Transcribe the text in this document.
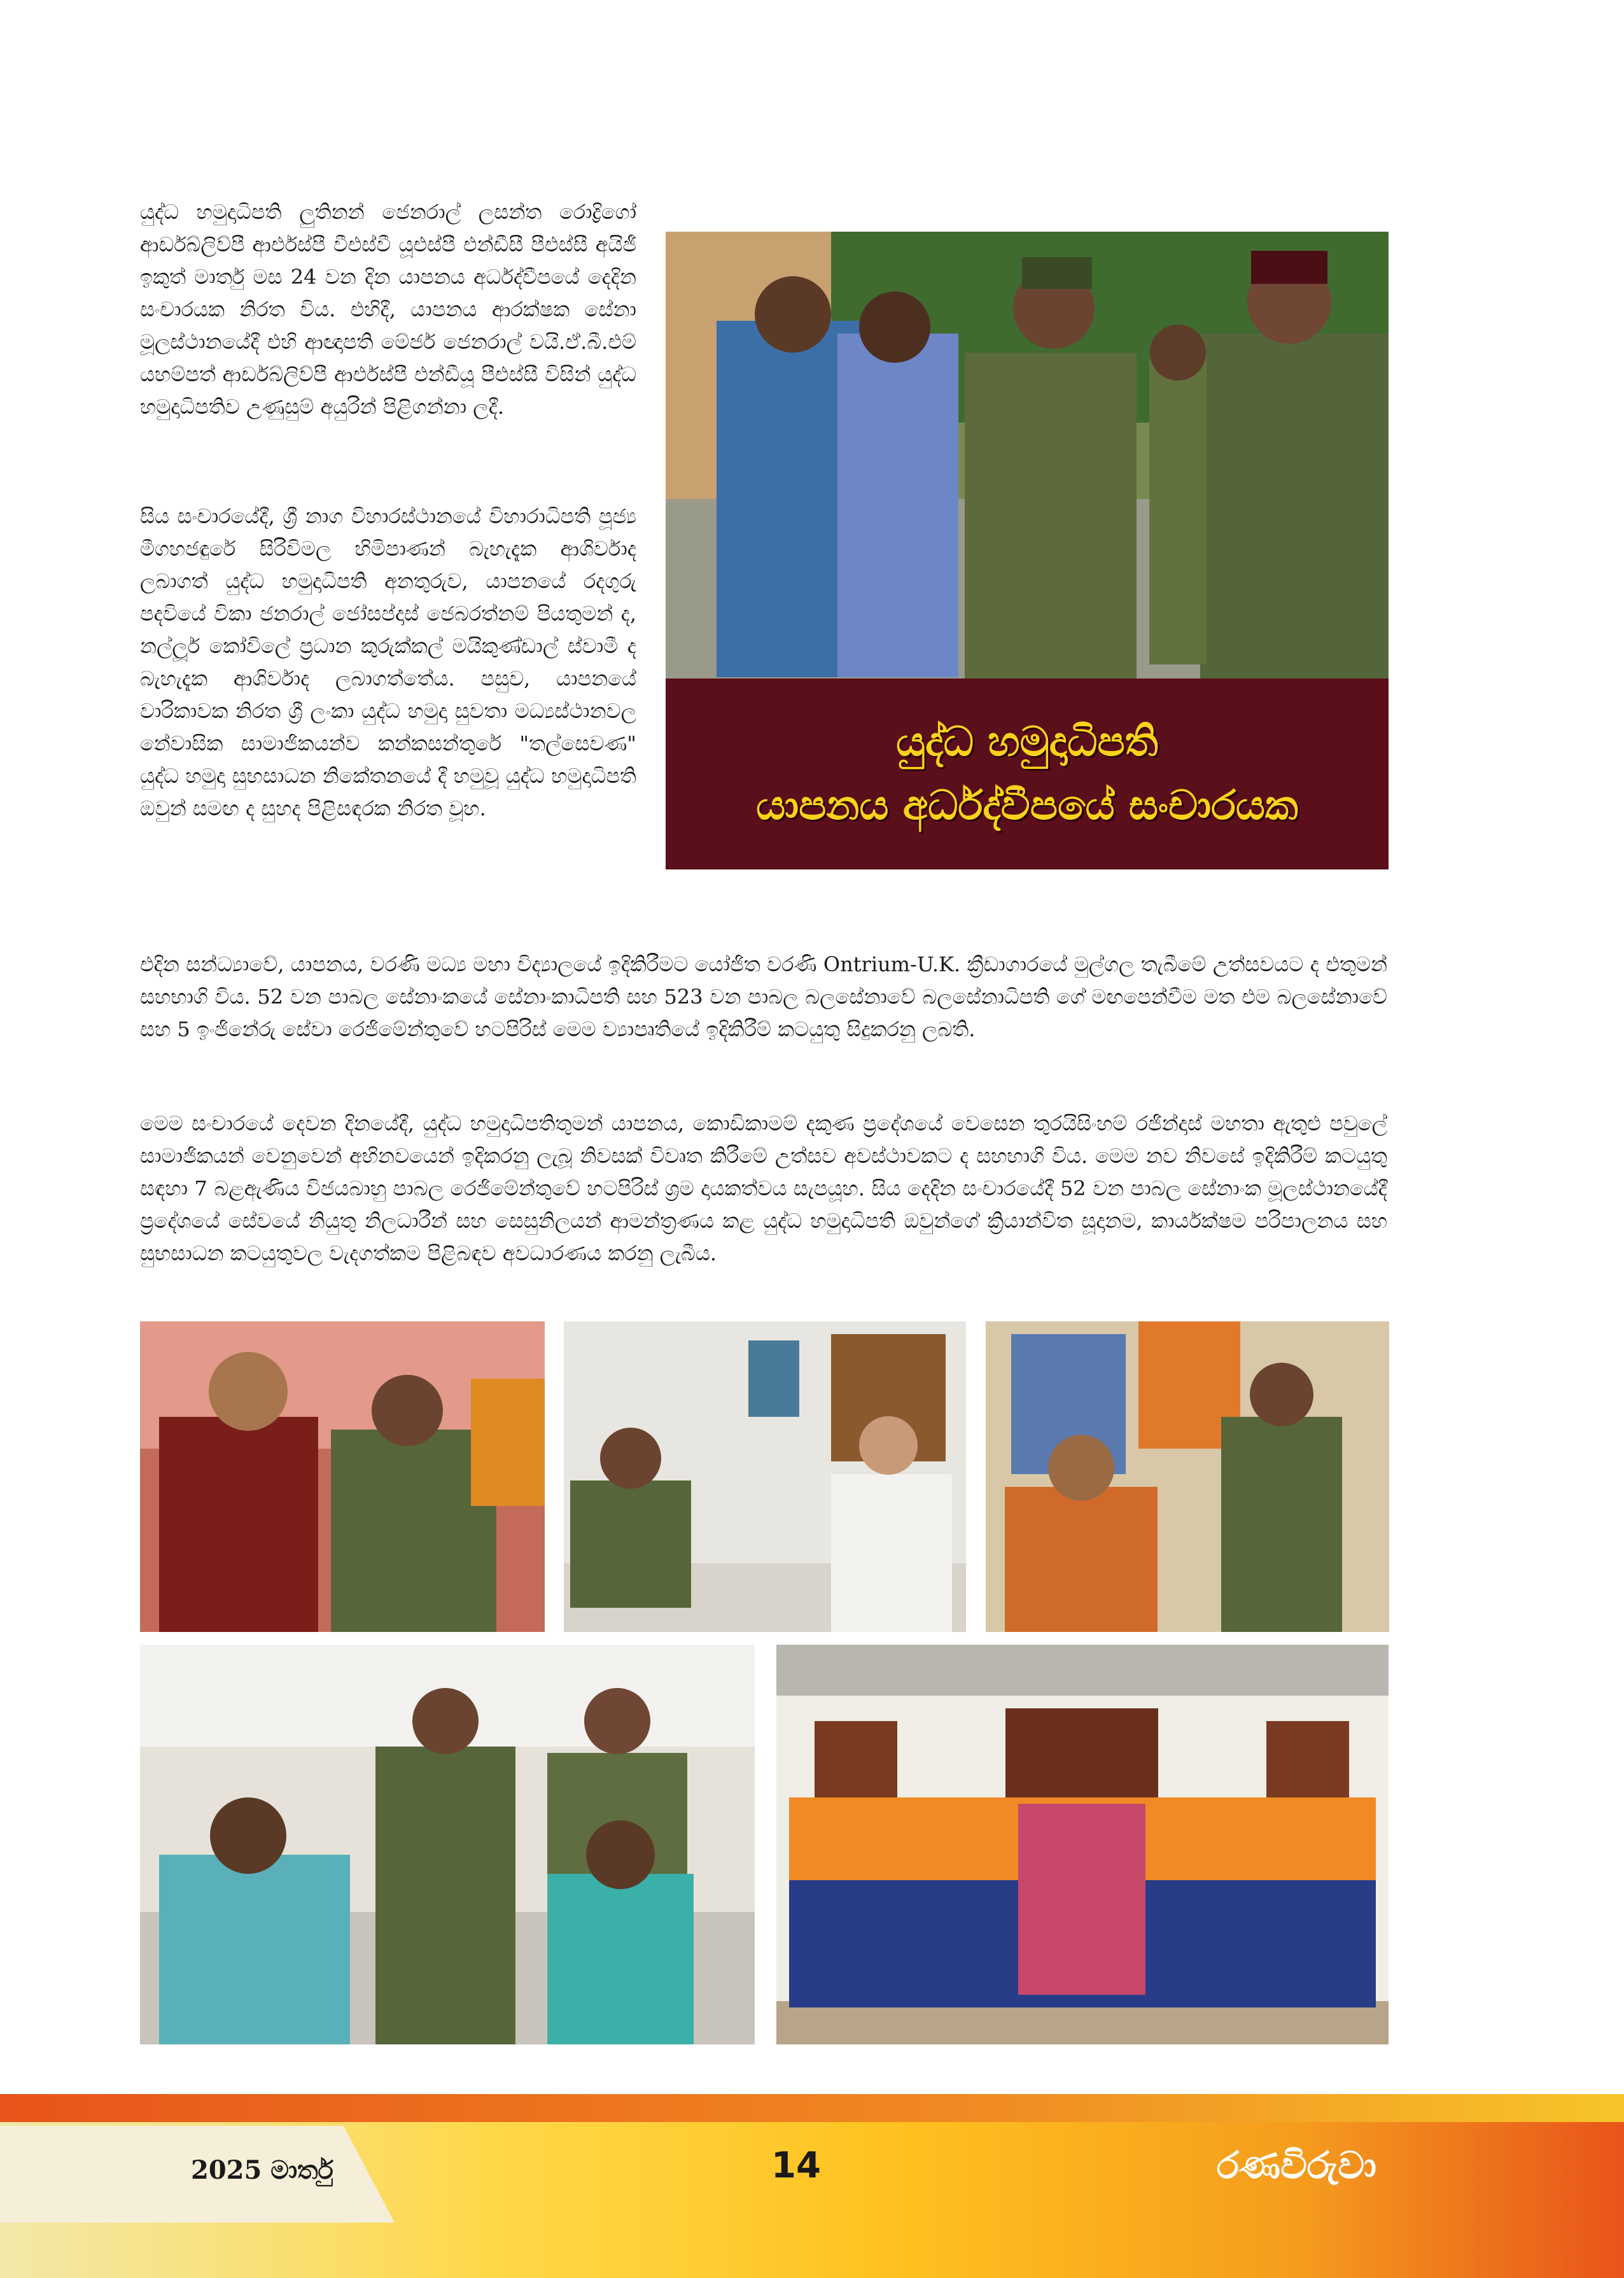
යුද්ධ හමුදාධිපති ලුතිනන් ජෙනරාල් ලසන්ත රොද්‍රිගෝ ආර්ඩබ්ලිව්පී ආර්එස්පී වීඑස්වී යූඑස්පී එන්ඩීසී පීඑස්සී අයිජී ඉකුත් මාර්තු මස 24 වන දින යාපනය අර්ධද්වීපයේ දෙදින සංචාරයක නිරත විය. එහිදී, යාපනය ආරක්ෂක සේනා මූලස්ථානයේදී එහි ආඥාපති මේජර් ජෙනරාල් වයි.ඒ.බී.එම් යහම්පත් ආර්ඩබ්ලිව්පී ආර්එස්පී එන්ඩීයූ පීඑස්සී විසින් යුද්ධ හමුදාධිපතිව උණුසුම් අයුරින් පිළිගන්නා ලදී.

සිය සංචාරයේදී, ශ්‍රී නාග විහාරස්ථානයේ විහාරාධිපති පූජ්‍ය මීගහජඳුරේ සිරිවිමල හිමිපාණන් බැහැදැක ආශිර්වාද ලබාගත් යුද්ධ හමුදාධිපති අනතුරුව, යාපනයේ රදගුරු පදවියේ විකා ජනරාල් ජෝසප්දාස් ජෙබරත්නම් පියතුමන් ද, නල්ලූර් කෝවිලේ ප්‍රධාන කුරුක්කල් මයිකුණ්ඩාල් ස්වාමී ද බැහැදැක ආශිර්වාද ලබාගත්තේය. පසුව, යාපනයේ වාරිකාවක නිරත ශ්‍රී ලංකා යුද්ධ හමුදා සුවතා මධ්‍යස්ථානවල නේවාසික සාමාජිකයන්ව කන්කසන්තුරේ "තල්සෙවණ" යුද්ධ හමුදා සුභසාධන නිකේතනයේ දී හමුවූ යුද්ධ හමුදාධිපති ඔවුන් සමඟ ද සුහද පිළිසඳරක නිරත වූහ.

යුද්ධ හමුදාධිපති
යාපනය අර්ධද්වීපයේ සංචාරයක

එදින සන්ධ්‍යාවේ, යාපනය, වරණි මධ්‍ය මහා විද්‍යාලයේ ඉදිකිරීමට යෝජිත වරණි Ontrium-U.K. ක්‍රීඩාගාරයේ මුල්ගල තැබීමේ උත්සවයට ද එතුමන් සහභාගි විය. 52 වන පාබල සේනාංකයේ සේනාංකාධිපති සහ 523 වන පාබල බලසේනාවේ බලසේනාධිපති ගේ මඟපෙන්වීම මත එම බලසේනාවේ සහ 5 ඉංජිනේරු සේවා රෙජිමේන්තුවේ හටපිරිස් මෙම ව්‍යාපෘතියේ ඉදිකිරීම් කටයුතු සිදුකරනු ලබති.

මෙම සංචාරයේ දෙවන දිනයේදී, යුද්ධ හමුදාධිපතිතුමන් යාපනය, කොඩිකාමම් දකුණ ප්‍රදේශයේ වෙසෙන තුරයිසිංහම් රජින්දාස් මහතා ඇතුළු පවුලේ සාමාජිකයන් වෙනුවෙන් අභිනවයෙන් ඉදිකරනු ලැබූ නිවසක් විවෘත කිරීමේ උත්සව අවස්ථාවකට ද සහභාගි විය. මෙම නව නිවසේ ඉදිකිරීම් කටයුතු සඳහා 7 බළඇණිය විජයබාහු පාබල රෙජිමේන්තුවේ හටපිරිස් ශ්‍රම දායකත්වය සැපයූහ. සිය දෙදින සංචාරයේදී 52 වන පාබල සේනාංක මූලස්ථානයේදී ප්‍රදේශයේ සේවයේ නියුතු නිලධාරීන් සහ සෙසුනිලයන් ආමන්ත්‍රණය කළ යුද්ධ හමුදාධිපති ඔවුන්ගේ ක්‍රියාන්විත සූදානම, කාර්යක්ෂම පරිපාලනය සහ සුභසාධන කටයුතුවල වැදගත්කම පිළිබඳව අවධාරණය කරනු ලැබීය.

2025 මාර්තු	14	රණවිරුවා
